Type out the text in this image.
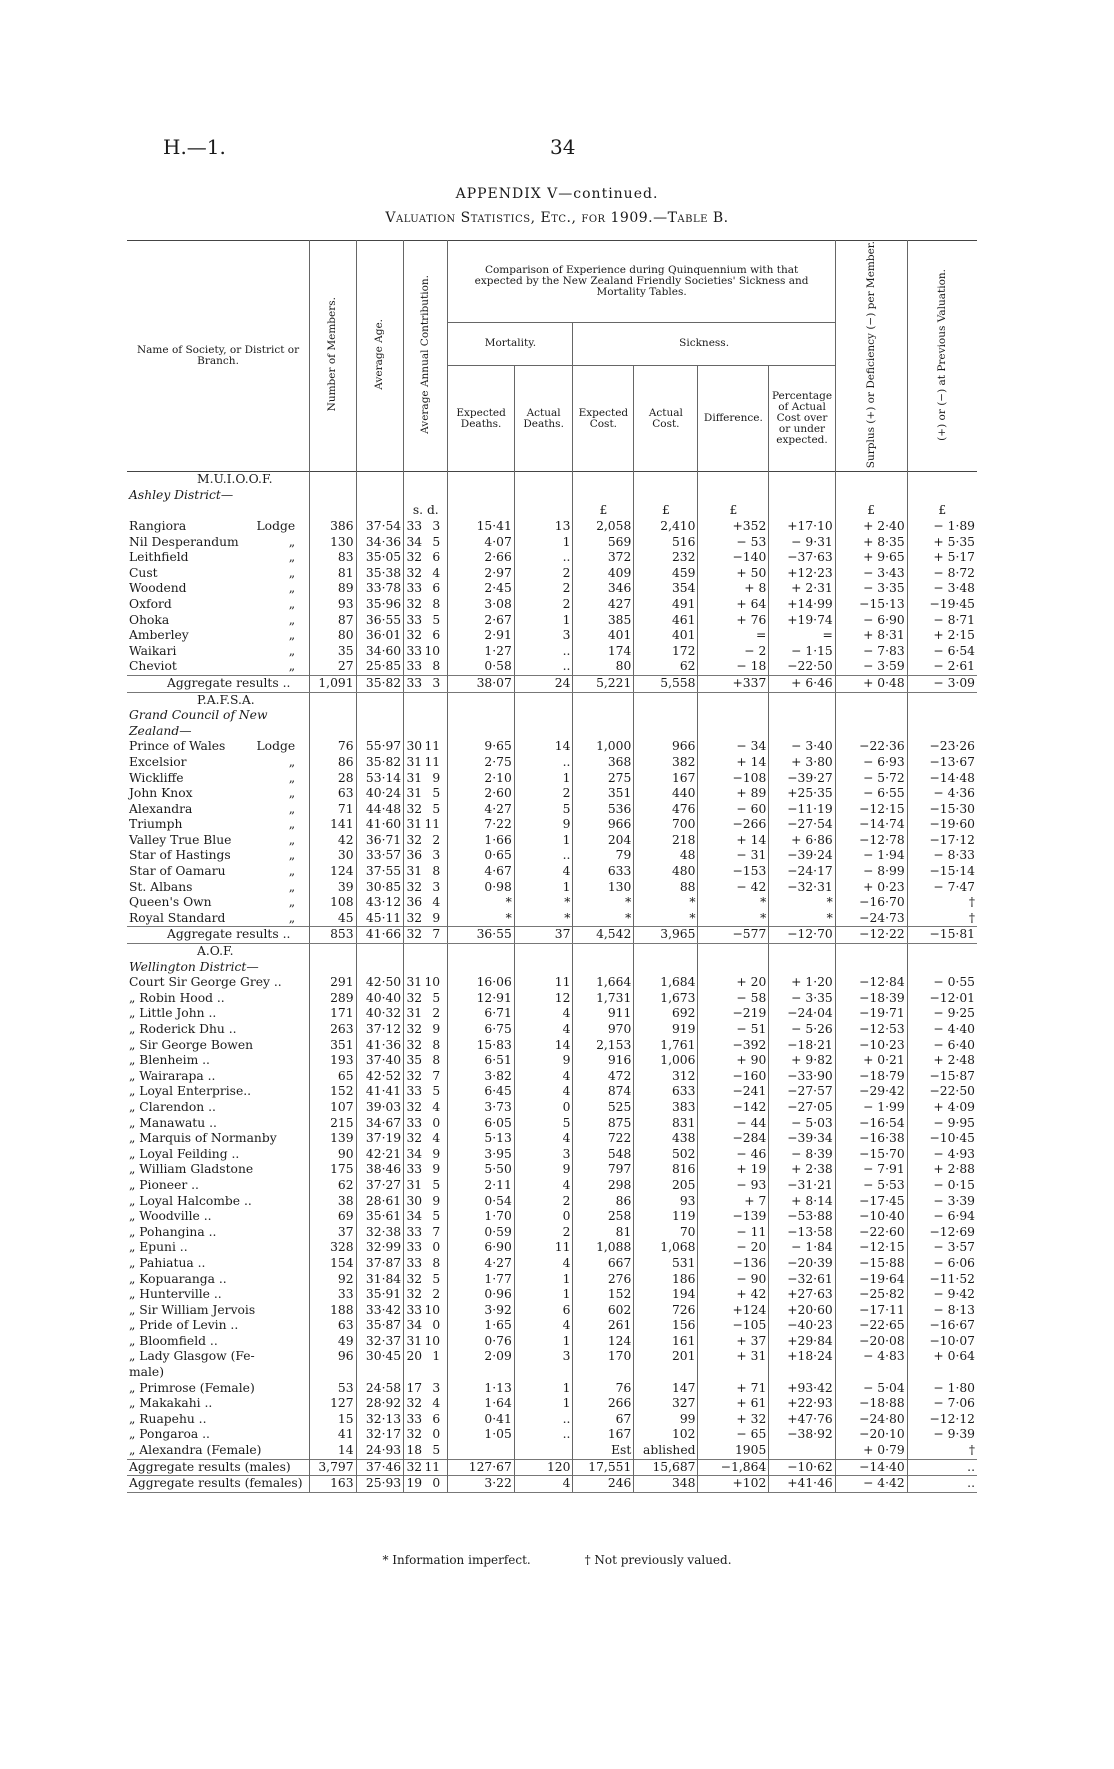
H.—1.	34
APPENDIX V—continued.
Valuation Statistics, Etc., for 1909.—Table B.
Name of Society, or District or Branch.	Number of Members.	Average Age.	Average Annual Contribution.	Comparison of Experience during Quinquennium with that expected by the New Zealand Friendly Societies' Sickness and Mortality Tables.						Surplus (+) or Deficiency (−) per Member.	(+) or (−) at Previous Valuation.
				Mortality.		Sickness.					
				Expected Deaths.	Actual Deaths.	Expected Cost.	Actual Cost.	Difference.	Percentage of Actual Cost over or under expected.		
M.U.I.O.O.F.											
Ashley District—											
			s. d.			£	£	£		£	£
Rangiora Lodge	386	37·54	33 3	15·41	13	2,058	2,410	+352	+17·10	+ 2·40	− 1·89
Nil Desperandum „	130	34·36	34 5	4·07	1	569	516	− 53	− 9·31	+ 8·35	+ 5·35
Leithfield „	83	35·05	32 6	2·66	..	372	232	−140	−37·63	+ 9·65	+ 5·17
Cust „	81	35·38	32 4	2·97	2	409	459	+ 50	+12·23	− 3·43	− 8·72
Woodend „	89	33·78	33 6	2·45	2	346	354	+ 8	+ 2·31	− 3·35	− 3·48
Oxford „	93	35·96	32 8	3·08	2	427	491	+ 64	+14·99	−15·13	−19·45
Ohoka „	87	36·55	33 5	2·67	1	385	461	+ 76	+19·74	− 6·90	− 8·71
Amberley „	80	36·01	32 6	2·91	3	401	401	=	=	+ 8·31	+ 2·15
Waikari „	35	34·60	33 10	1·27	..	174	172	− 2	− 1·15	− 7·83	− 6·54
Cheviot „	27	25·85	33 8	0·58	..	80	62	− 18	−22·50	− 3·59	− 2·61
Aggregate results ..	1,091	35·82	33 3	38·07	24	5,221	5,558	+337	+ 6·46	+ 0·48	− 3·09
P.A.F.S.A.											
Grand Council of New Zealand—											
Prince of Wales Lodge	76	55·97	30 11	9·65	14	1,000	966	− 34	− 3·40	−22·36	−23·26
Excelsior „	86	35·82	31 11	2·75	..	368	382	+ 14	+ 3·80	− 6·93	−13·67
Wickliffe „	28	53·14	31 9	2·10	1	275	167	−108	−39·27	− 5·72	−14·48
John Knox „	63	40·24	31 5	2·60	2	351	440	+ 89	+25·35	− 6·55	− 4·36
Alexandra „	71	44·48	32 5	4·27	5	536	476	− 60	−11·19	−12·15	−15·30
Triumph „	141	41·60	31 11	7·22	9	966	700	−266	−27·54	−14·74	−19·60
Valley True Blue „	42	36·71	32 2	1·66	1	204	218	+ 14	+ 6·86	−12·78	−17·12
Star of Hastings „	30	33·57	36 3	0·65	..	79	48	− 31	−39·24	− 1·94	− 8·33
Star of Oamaru „	124	37·55	31 8	4·67	4	633	480	−153	−24·17	− 8·99	−15·14
St. Albans „	39	30·85	32 3	0·98	1	130	88	− 42	−32·31	+ 0·23	− 7·47
Queen's Own „	108	43·12	36 4	*	*	*	*	*	*	−16·70	†
Royal Standard „	45	45·11	32 9	*	*	*	*	*	*	−24·73	†
Aggregate results ..	853	41·66	32 7	36·55	37	4,542	3,965	−577	−12·70	−12·22	−15·81
A.O.F.											
Wellington District—											
Court Sir George Grey ..	291	42·50	31 10	16·06	11	1,664	1,684	+ 20	+ 1·20	−12·84	− 0·55
„ Robin Hood ..	289	40·40	32 5	12·91	12	1,731	1,673	− 58	− 3·35	−18·39	−12·01
„ Little John ..	171	40·32	31 2	6·71	4	911	692	−219	−24·04	−19·71	− 9·25
„ Roderick Dhu ..	263	37·12	32 9	6·75	4	970	919	− 51	− 5·26	−12·53	− 4·40
„ Sir George Bowen	351	41·36	32 8	15·83	14	2,153	1,761	−392	−18·21	−10·23	− 6·40
„ Blenheim ..	193	37·40	35 8	6·51	9	916	1,006	+ 90	+ 9·82	+ 0·21	+ 2·48
„ Wairarapa ..	65	42·52	32 7	3·82	4	472	312	−160	−33·90	−18·79	−15·87
„ Loyal Enterprise..	152	41·41	33 5	6·45	4	874	633	−241	−27·57	−29·42	−22·50
„ Clarendon ..	107	39·03	32 4	3·73	0	525	383	−142	−27·05	− 1·99	+ 4·09
„ Manawatu ..	215	34·67	33 0	6·05	5	875	831	− 44	− 5·03	−16·54	− 9·95
„ Marquis of Normanby	139	37·19	32 4	5·13	4	722	438	−284	−39·34	−16·38	−10·45
„ Loyal Feilding ..	90	42·21	34 9	3·95	3	548	502	− 46	− 8·39	−15·70	− 4·93
„ William Gladstone	175	38·46	33 9	5·50	9	797	816	+ 19	+ 2·38	− 7·91	+ 2·88
„ Pioneer ..	62	37·27	31 5	2·11	4	298	205	− 93	−31·21	− 5·53	− 0·15
„ Loyal Halcombe ..	38	28·61	30 9	0·54	2	86	93	+ 7	+ 8·14	−17·45	− 3·39
„ Woodville ..	69	35·61	34 5	1·70	0	258	119	−139	−53·88	−10·40	− 6·94
„ Pohangina ..	37	32·38	33 7	0·59	2	81	70	− 11	−13·58	−22·60	−12·69
„ Epuni ..	328	32·99	33 0	6·90	11	1,088	1,068	− 20	− 1·84	−12·15	− 3·57
„ Pahiatua ..	154	37·87	33 8	4·27	4	667	531	−136	−20·39	−15·88	− 6·06
„ Kopuaranga ..	92	31·84	32 5	1·77	1	276	186	− 90	−32·61	−19·64	−11·52
„ Hunterville ..	33	35·91	32 2	0·96	1	152	194	+ 42	+27·63	−25·82	− 9·42
„ Sir William Jervois	188	33·42	33 10	3·92	6	602	726	+124	+20·60	−17·11	− 8·13
„ Pride of Levin ..	63	35·87	34 0	1·65	4	261	156	−105	−40·23	−22·65	−16·67
„ Bloomfield ..	49	32·37	31 10	0·76	1	124	161	+ 37	+29·84	−20·08	−10·07
„ Lady Glasgow (Fe-	96	30·45	20 1	2·09	3	170	201	+ 31	+18·24	− 4·83	+ 0·64
male)											
„ Primrose (Female)	53	24·58	17 3	1·13	1	76	147	+ 71	+93·42	− 5·04	− 1·80
„ Makakahi ..	127	28·92	32 4	1·64	1	266	327	+ 61	+22·93	−18·88	− 7·06
„ Ruapehu ..	15	32·13	33 6	0·41	..	67	99	+ 32	+47·76	−24·80	−12·12
„ Pongaroa ..	41	32·17	32 0	1·05	..	167	102	− 65	−38·92	−20·10	− 9·39
„ Alexandra (Female)	14	24·93	18 5			Est	ablished	1905		+ 0·79	†
Aggregate results (males)	3,797	37·46	32 11	127·67	120	17,551	15,687	−1,864	−10·62	−14·40	..
Aggregate results (females)	163	25·93	19 0	3·22	4	246	348	+102	+41·46	− 4·42	..
* Information imperfect.	† Not previously valued.
